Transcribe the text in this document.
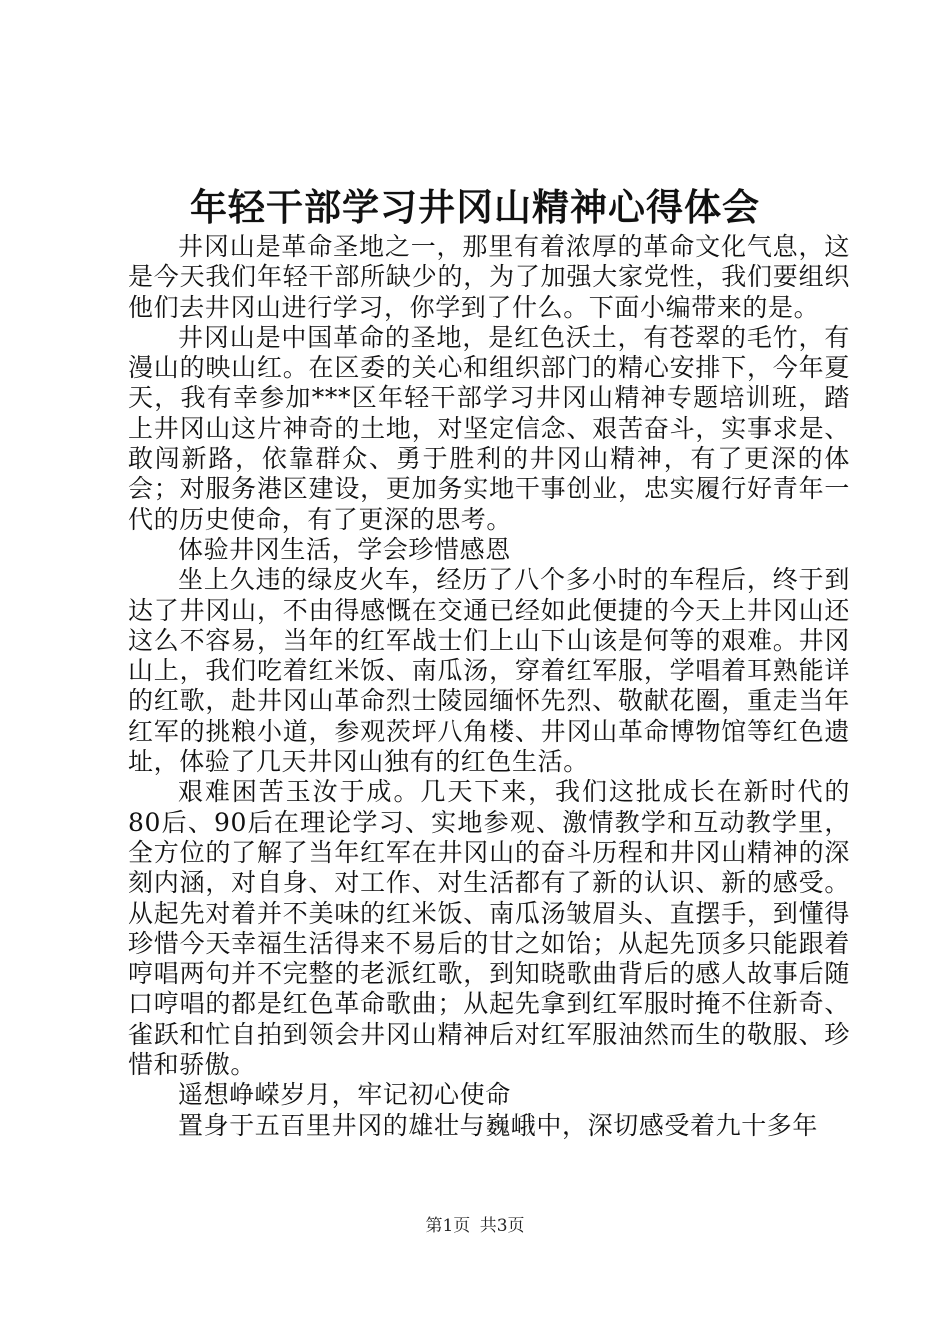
年轻干部学习井冈山精神心得体会

井冈山是革命圣地之一，那里有着浓厚的革命文化气息，这是今天我们年轻干部所缺少的，为了加强大家党性，我们要组织他们去井冈山进行学习，你学到了什么。下面小编带来的是。

井冈山是中国革命的圣地，是红色沃土，有苍翠的毛竹，有漫山的映山红。在区委的关心和组织部门的精心安排下，今年夏天，我有幸参加***区年轻干部学习井冈山精神专题培训班，踏上井冈山这片神奇的土地，对坚定信念、艰苦奋斗，实事求是、敢闯新路，依靠群众、勇于胜利的井冈山精神，有了更深的体会；对服务港区建设，更加务实地干事创业，忠实履行好青年一代的历史使命，有了更深的思考。

体验井冈生活，学会珍惜感恩

坐上久违的绿皮火车，经历了八个多小时的车程后，终于到达了井冈山，不由得感慨在交通已经如此便捷的今天上井冈山还这么不容易，当年的红军战士们上山下山该是何等的艰难。井冈山上，我们吃着红米饭、南瓜汤，穿着红军服，学唱着耳熟能详的红歌，赴井冈山革命烈士陵园缅怀先烈、敬献花圈，重走当年红军的挑粮小道，参观茨坪八角楼、井冈山革命博物馆等红色遗址，体验了几天井冈山独有的红色生活。

艰难困苦玉汝于成。几天下来，我们这批成长在新时代的80后、90后在理论学习、实地参观、激情教学和互动教学里，全方位的了解了当年红军在井冈山的奋斗历程和井冈山精神的深刻内涵，对自身、对工作、对生活都有了新的认识、新的感受。从起先对着并不美味的红米饭、南瓜汤皱眉头、直摆手，到懂得珍惜今天幸福生活得来不易后的甘之如饴；从起先顶多只能跟着哼唱两句并不完整的老派红歌，到知晓歌曲背后的感人故事后随口哼唱的都是红色革命歌曲；从起先拿到红军服时掩不住新奇、雀跃和忙自拍到领会井冈山精神后对红军服油然而生的敬服、珍惜和骄傲。

遥想峥嵘岁月，牢记初心使命

置身于五百里井冈的雄壮与巍峨中，深切感受着九十多年

第1页 共3页
